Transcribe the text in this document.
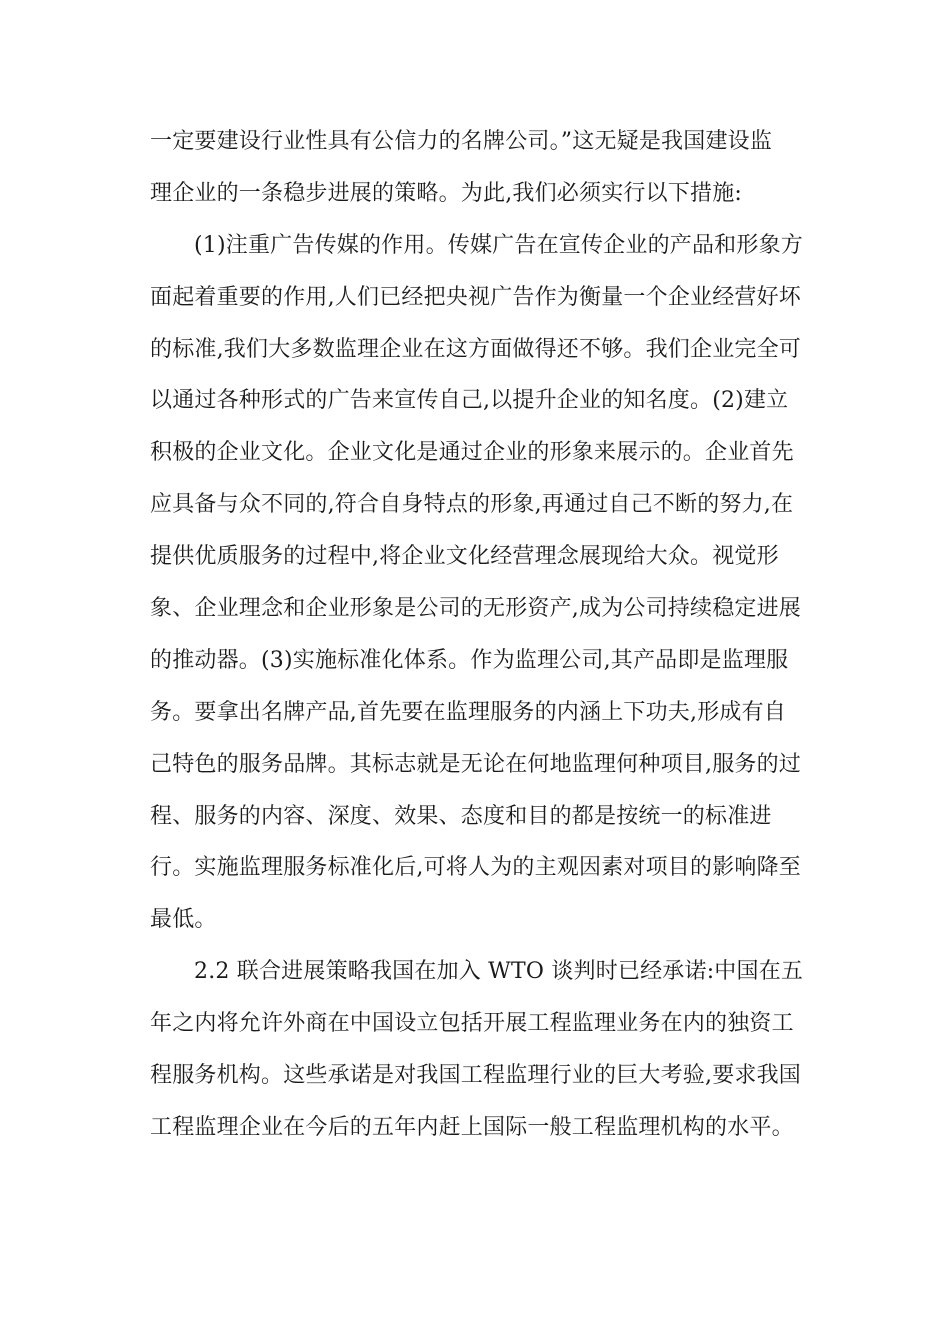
一定要建设行业性具有公信力的名牌公司。”这无疑是我国建设监
理企业的一条稳步进展的策略。为此,我们必须实行以下措施:
(1)注重广告传媒的作用。传媒广告在宣传企业的产品和形象方
面起着重要的作用,人们已经把央视广告作为衡量一个企业经营好坏
的标准,我们大多数监理企业在这方面做得还不够。我们企业完全可
以通过各种形式的广告来宣传自己,以提升企业的知名度。(2)建立
积极的企业文化。企业文化是通过企业的形象来展示的。企业首先
应具备与众不同的,符合自身特点的形象,再通过自己不断的努力,在
提供优质服务的过程中,将企业文化经营理念展现给大众。视觉形
象、企业理念和企业形象是公司的无形资产,成为公司持续稳定进展
的推动器。(3)实施标准化体系。作为监理公司,其产品即是监理服
务。要拿出名牌产品,首先要在监理服务的内涵上下功夫,形成有自
己特色的服务品牌。其标志就是无论在何地监理何种项目,服务的过
程、服务的内容、深度、效果、态度和目的都是按统一的标准进
行。实施监理服务标准化后,可将人为的主观因素对项目的影响降至
最低。
2.2 联合进展策略我国在加入 WTO 谈判时已经承诺:中国在五
年之内将允许外商在中国设立包括开展工程监理业务在内的独资工
程服务机构。这些承诺是对我国工程监理行业的巨大考验,要求我国
工程监理企业在今后的五年内赶上国际一般工程监理机构的水平。
